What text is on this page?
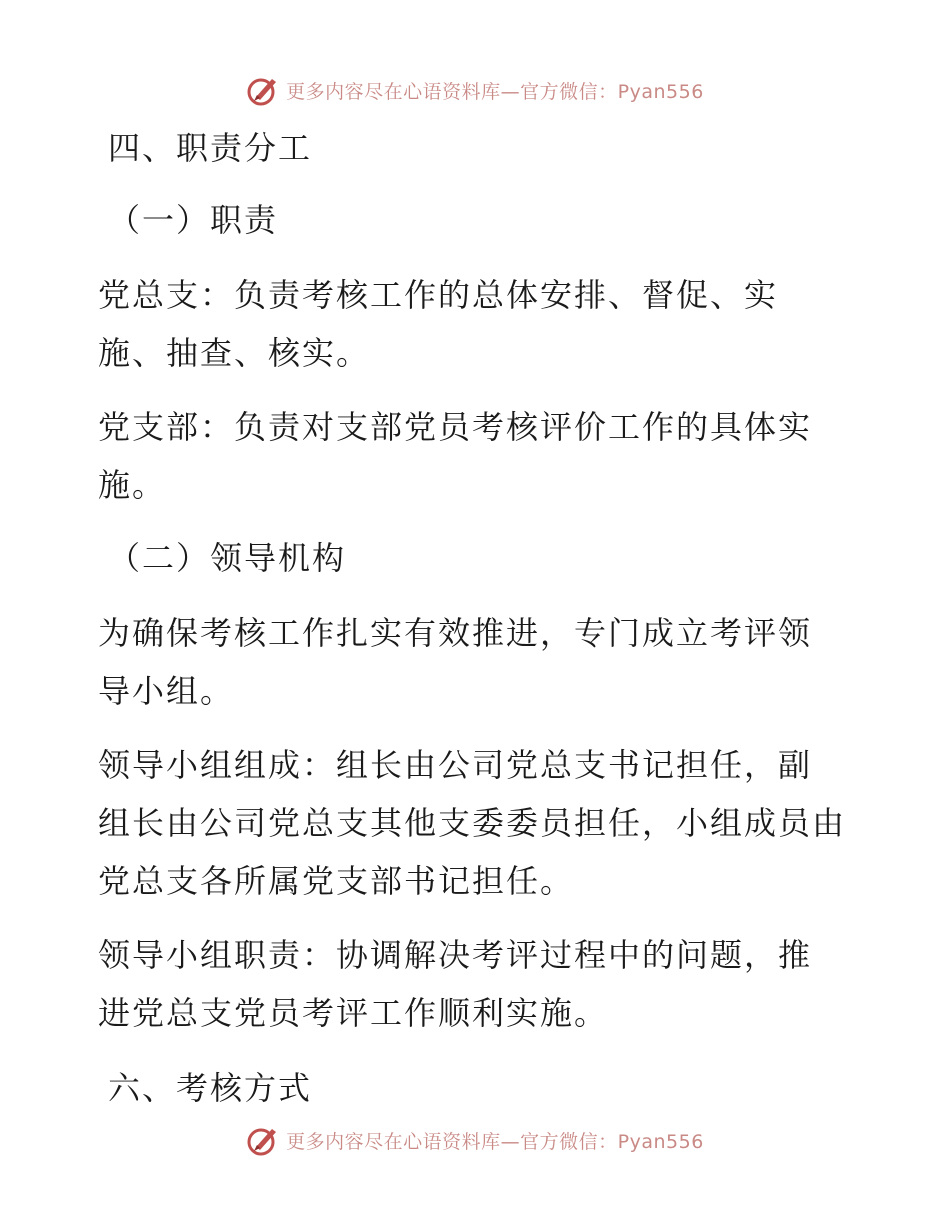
更多内容尽在心语资料库—官方微信：Pyan556
四、职责分工
（一）职责
党总支：负责考核工作的总体安排、督促、实
施、抽查、核实。
党支部：负责对支部党员考核评价工作的具体实
施。
（二）领导机构
为确保考核工作扎实有效推进，专门成立考评领
导小组。
领导小组组成：组长由公司党总支书记担任，副
组长由公司党总支其他支委委员担任，小组成员由
党总支各所属党支部书记担任。
领导小组职责：协调解决考评过程中的问题，推
进党总支党员考评工作顺利实施。
六、考核方式
更多内容尽在心语资料库—官方微信：Pyan556
